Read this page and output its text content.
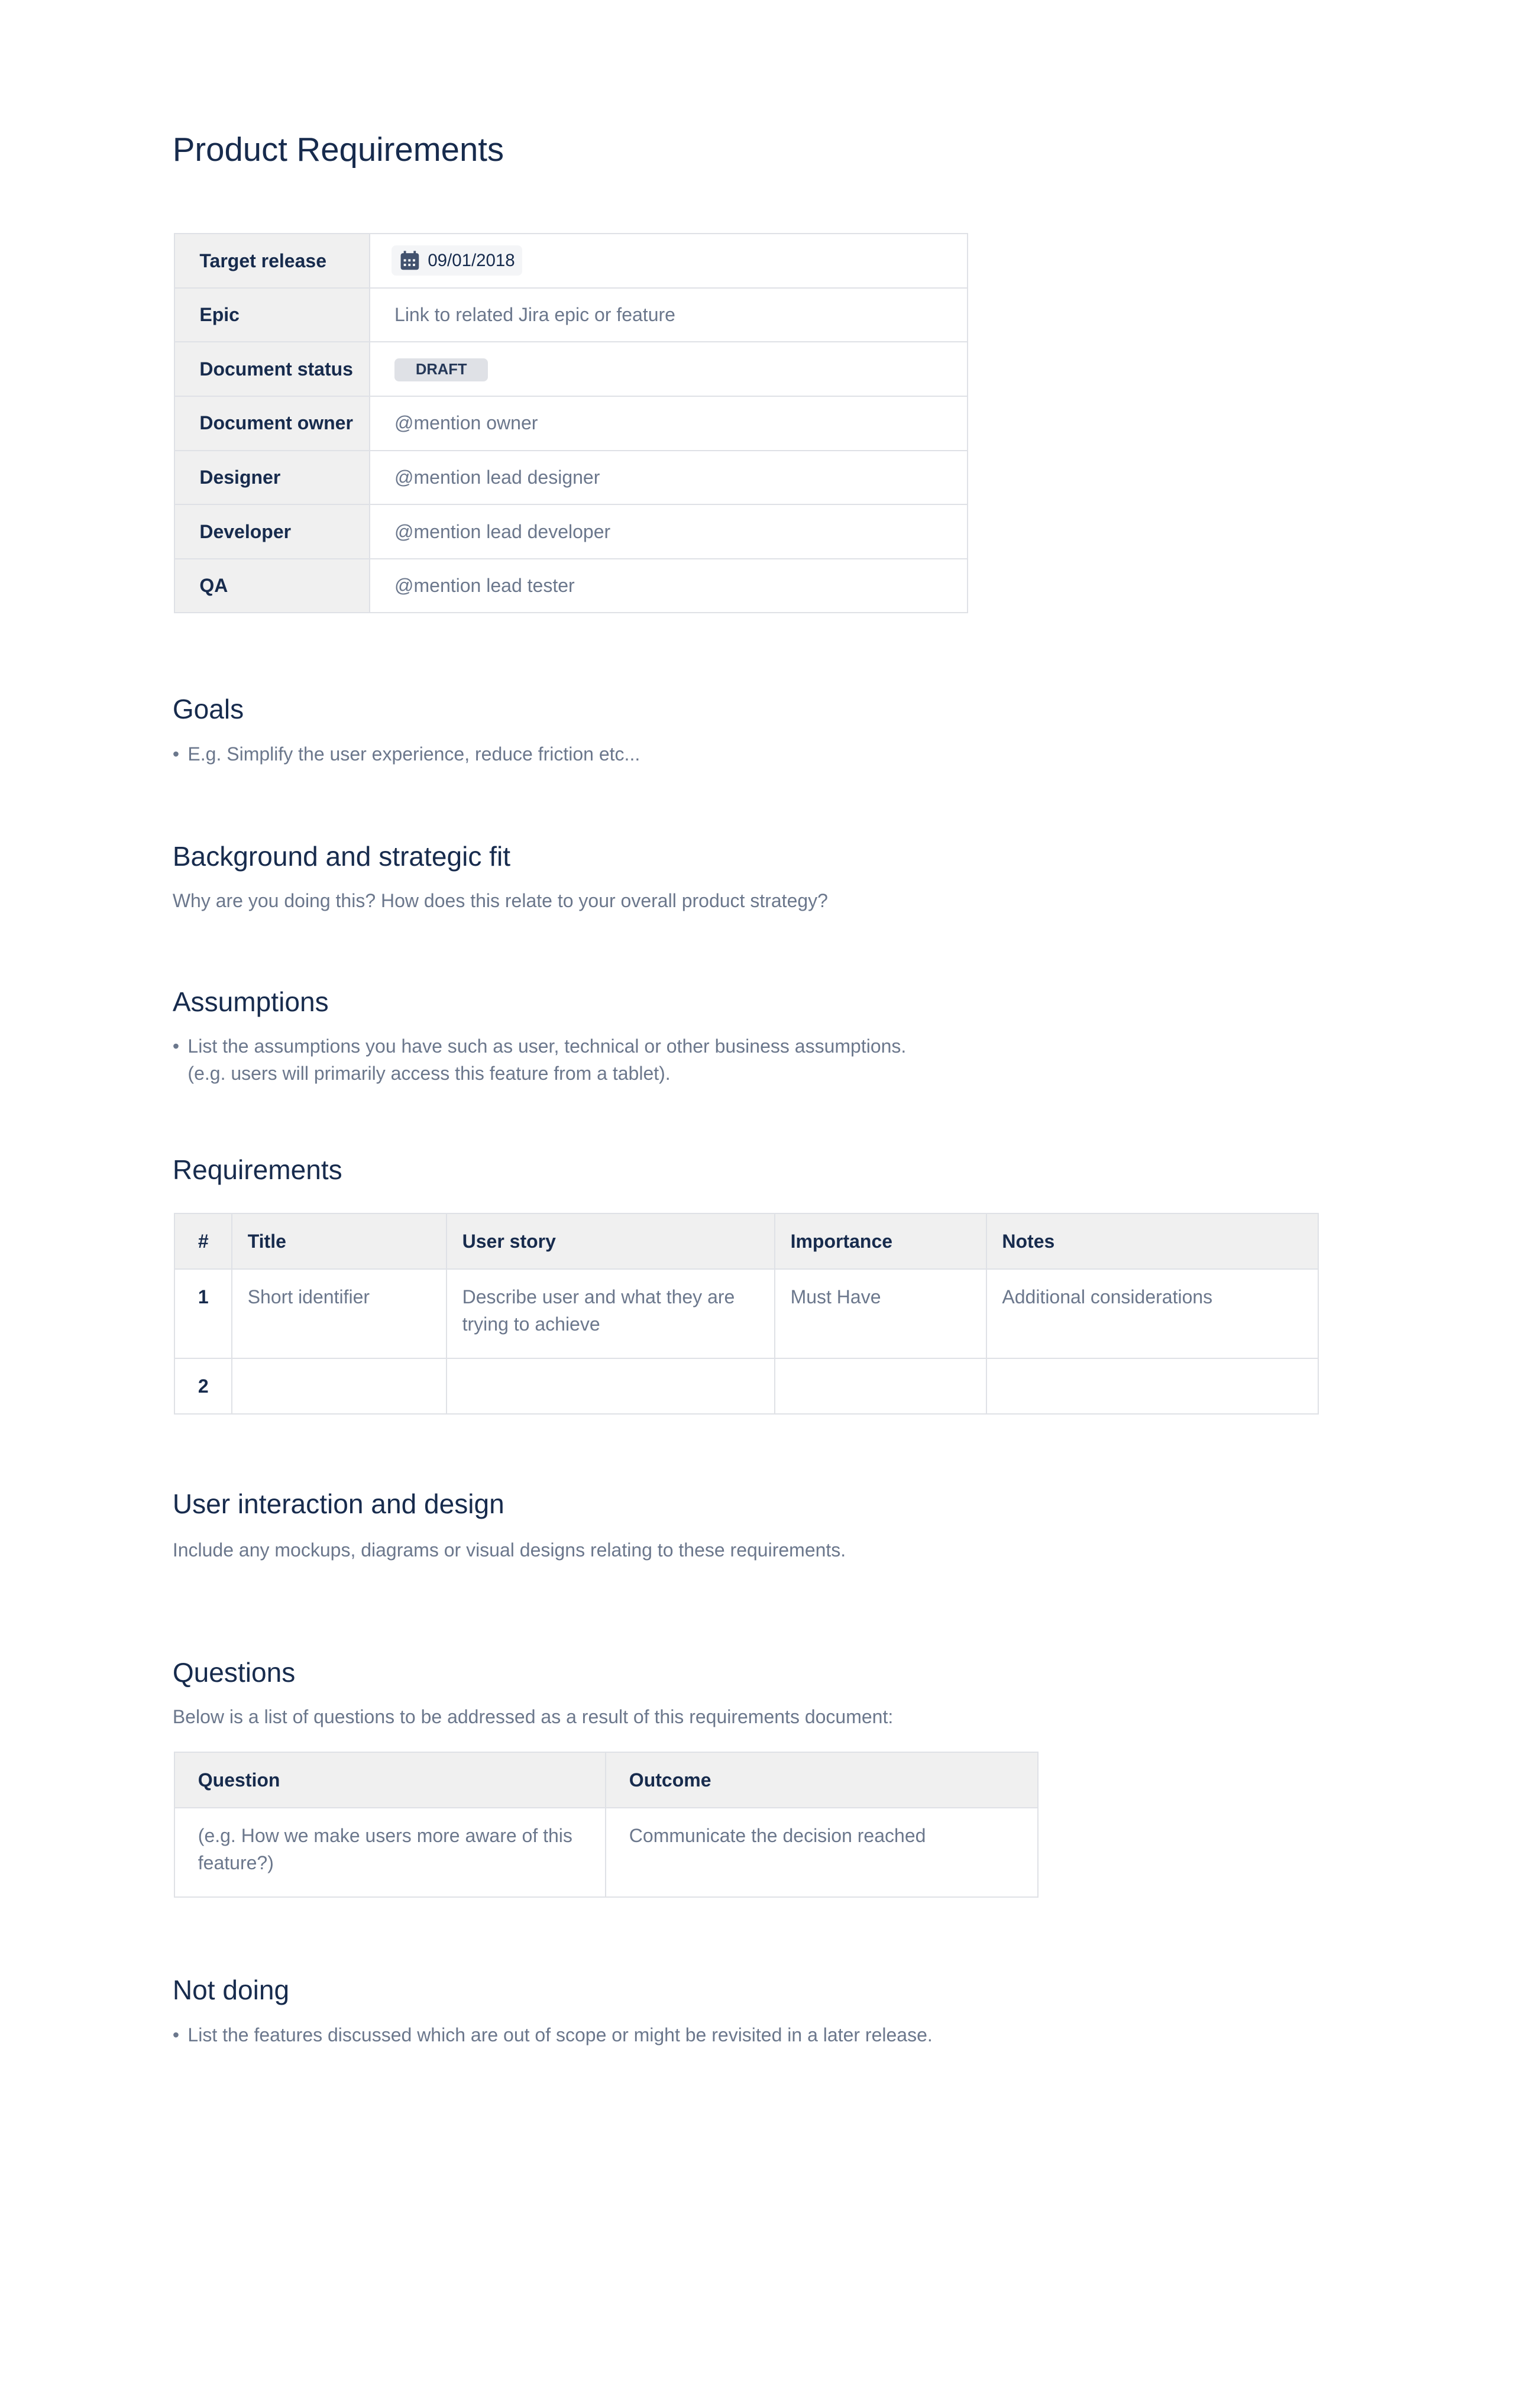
Product Requirements
Target release	09/01/2018

Epic	Link to related Jira epic or feature
Document status	DRAFT
Document owner	@mention owner
Designer	@mention lead designer
Developer	@mention lead developer
QA	@mention lead tester
Goals
• E.g. Simplify the user experience, reduce friction etc...
Background and strategic fit
Why are you doing this? How does this relate to your overall product strategy?
Assumptions
• List the assumptions you have such as user, technical or other business assumptions.
(e.g. users will primarily access this feature from a tablet).
Requirements
#	Title	User story	Importance	Notes
1	Short identifier	Describe user and what they are trying to achieve	Must Have	Additional considerations
2				
User interaction and design
Include any mockups, diagrams or visual designs relating to these requirements.
Questions
Below is a list of questions to be addressed as a result of this requirements document:
Question	Outcome
(e.g. How we make users more aware of this feature?)	Communicate the decision reached
Not doing
• List the features discussed which are out of scope or might be revisited in a later release.
